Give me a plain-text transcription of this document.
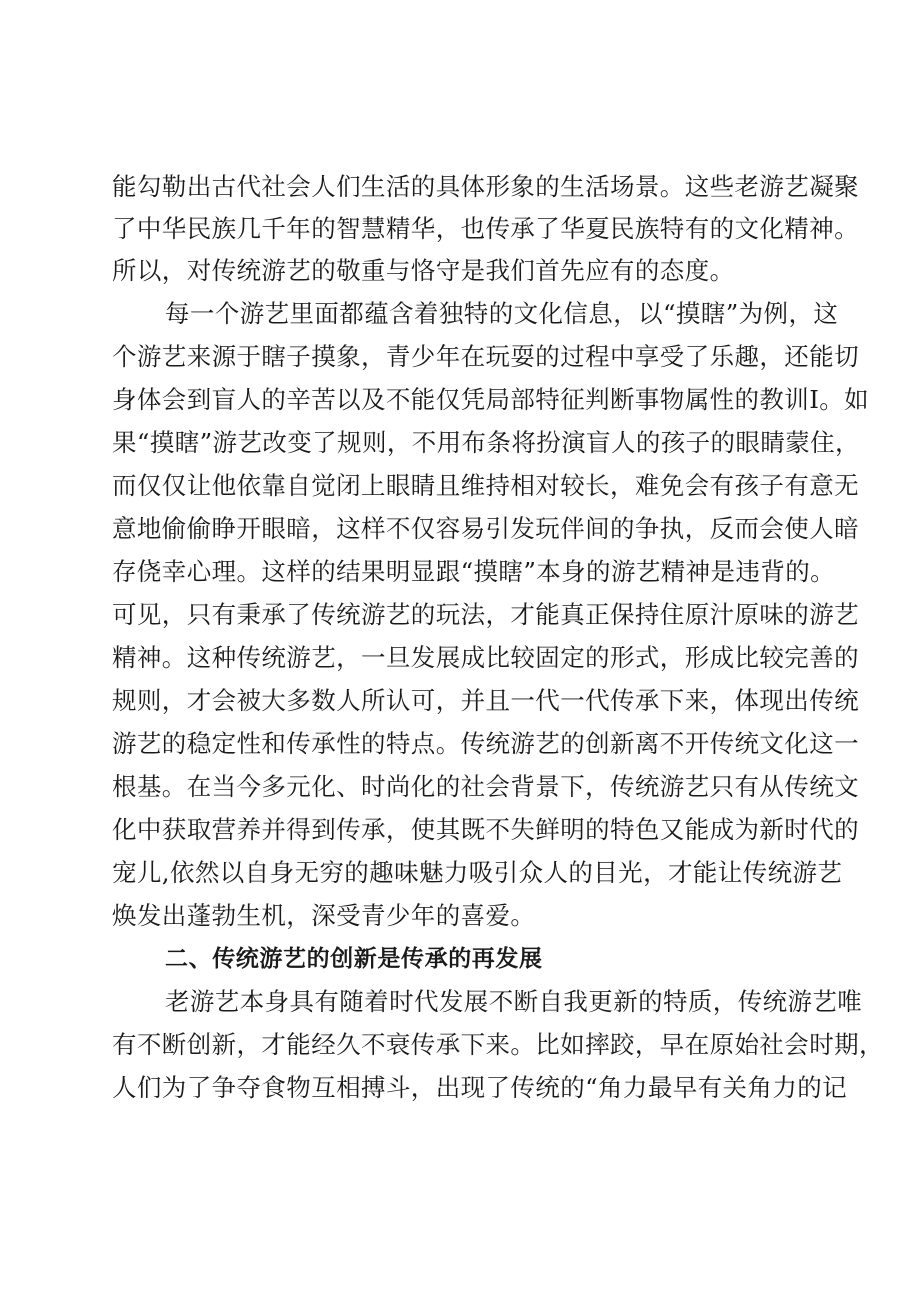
能勾勒出古代社会人们生活的具体形象的生活场景。这些老游艺凝聚
了中华民族几千年的智慧精华，也传承了华夏民族特有的文化精神。
所以，对传统游艺的敬重与恪守是我们首先应有的态度。
每一个游艺里面都蕴含着独特的文化信息，以“摸瞎”为例，这
个游艺来源于瞎子摸象，青少年在玩耍的过程中享受了乐趣，还能切
身体会到盲人的辛苦以及不能仅凭局部特征判断事物属性的教训I。如
果“摸瞎”游艺改变了规则，不用布条将扮演盲人的孩子的眼睛蒙住，
而仅仅让他依靠自觉闭上眼睛且维持相对较长，难免会有孩子有意无
意地偷偷睁开眼暗，这样不仅容易引发玩伴间的争执，反而会使人暗
存侥幸心理。这样的结果明显跟“摸瞎”本身的游艺精神是违背的。
可见，只有秉承了传统游艺的玩法，才能真正保持住原汁原味的游艺
精神。这种传统游艺，一旦发展成比较固定的形式，形成比较完善的
规则，才会被大多数人所认可，并且一代一代传承下来，体现出传统
游艺的稳定性和传承性的特点。传统游艺的创新离不开传统文化这一
根基。在当今多元化、时尚化的社会背景下，传统游艺只有从传统文
化中获取营养并得到传承，使其既不失鲜明的特色又能成为新时代的
宠儿,依然以自身无穷的趣味魅力吸引众人的目光，才能让传统游艺
焕发出蓬勃生机，深受青少年的喜爱。
二、传统游艺的创新是传承的再发展
老游艺本身具有随着时代发展不断自我更新的特质，传统游艺唯
有不断创新，才能经久不衰传承下来。比如摔跤，早在原始社会时期，
人们为了争夺食物互相搏斗，出现了传统的“角力最早有关角力的记
